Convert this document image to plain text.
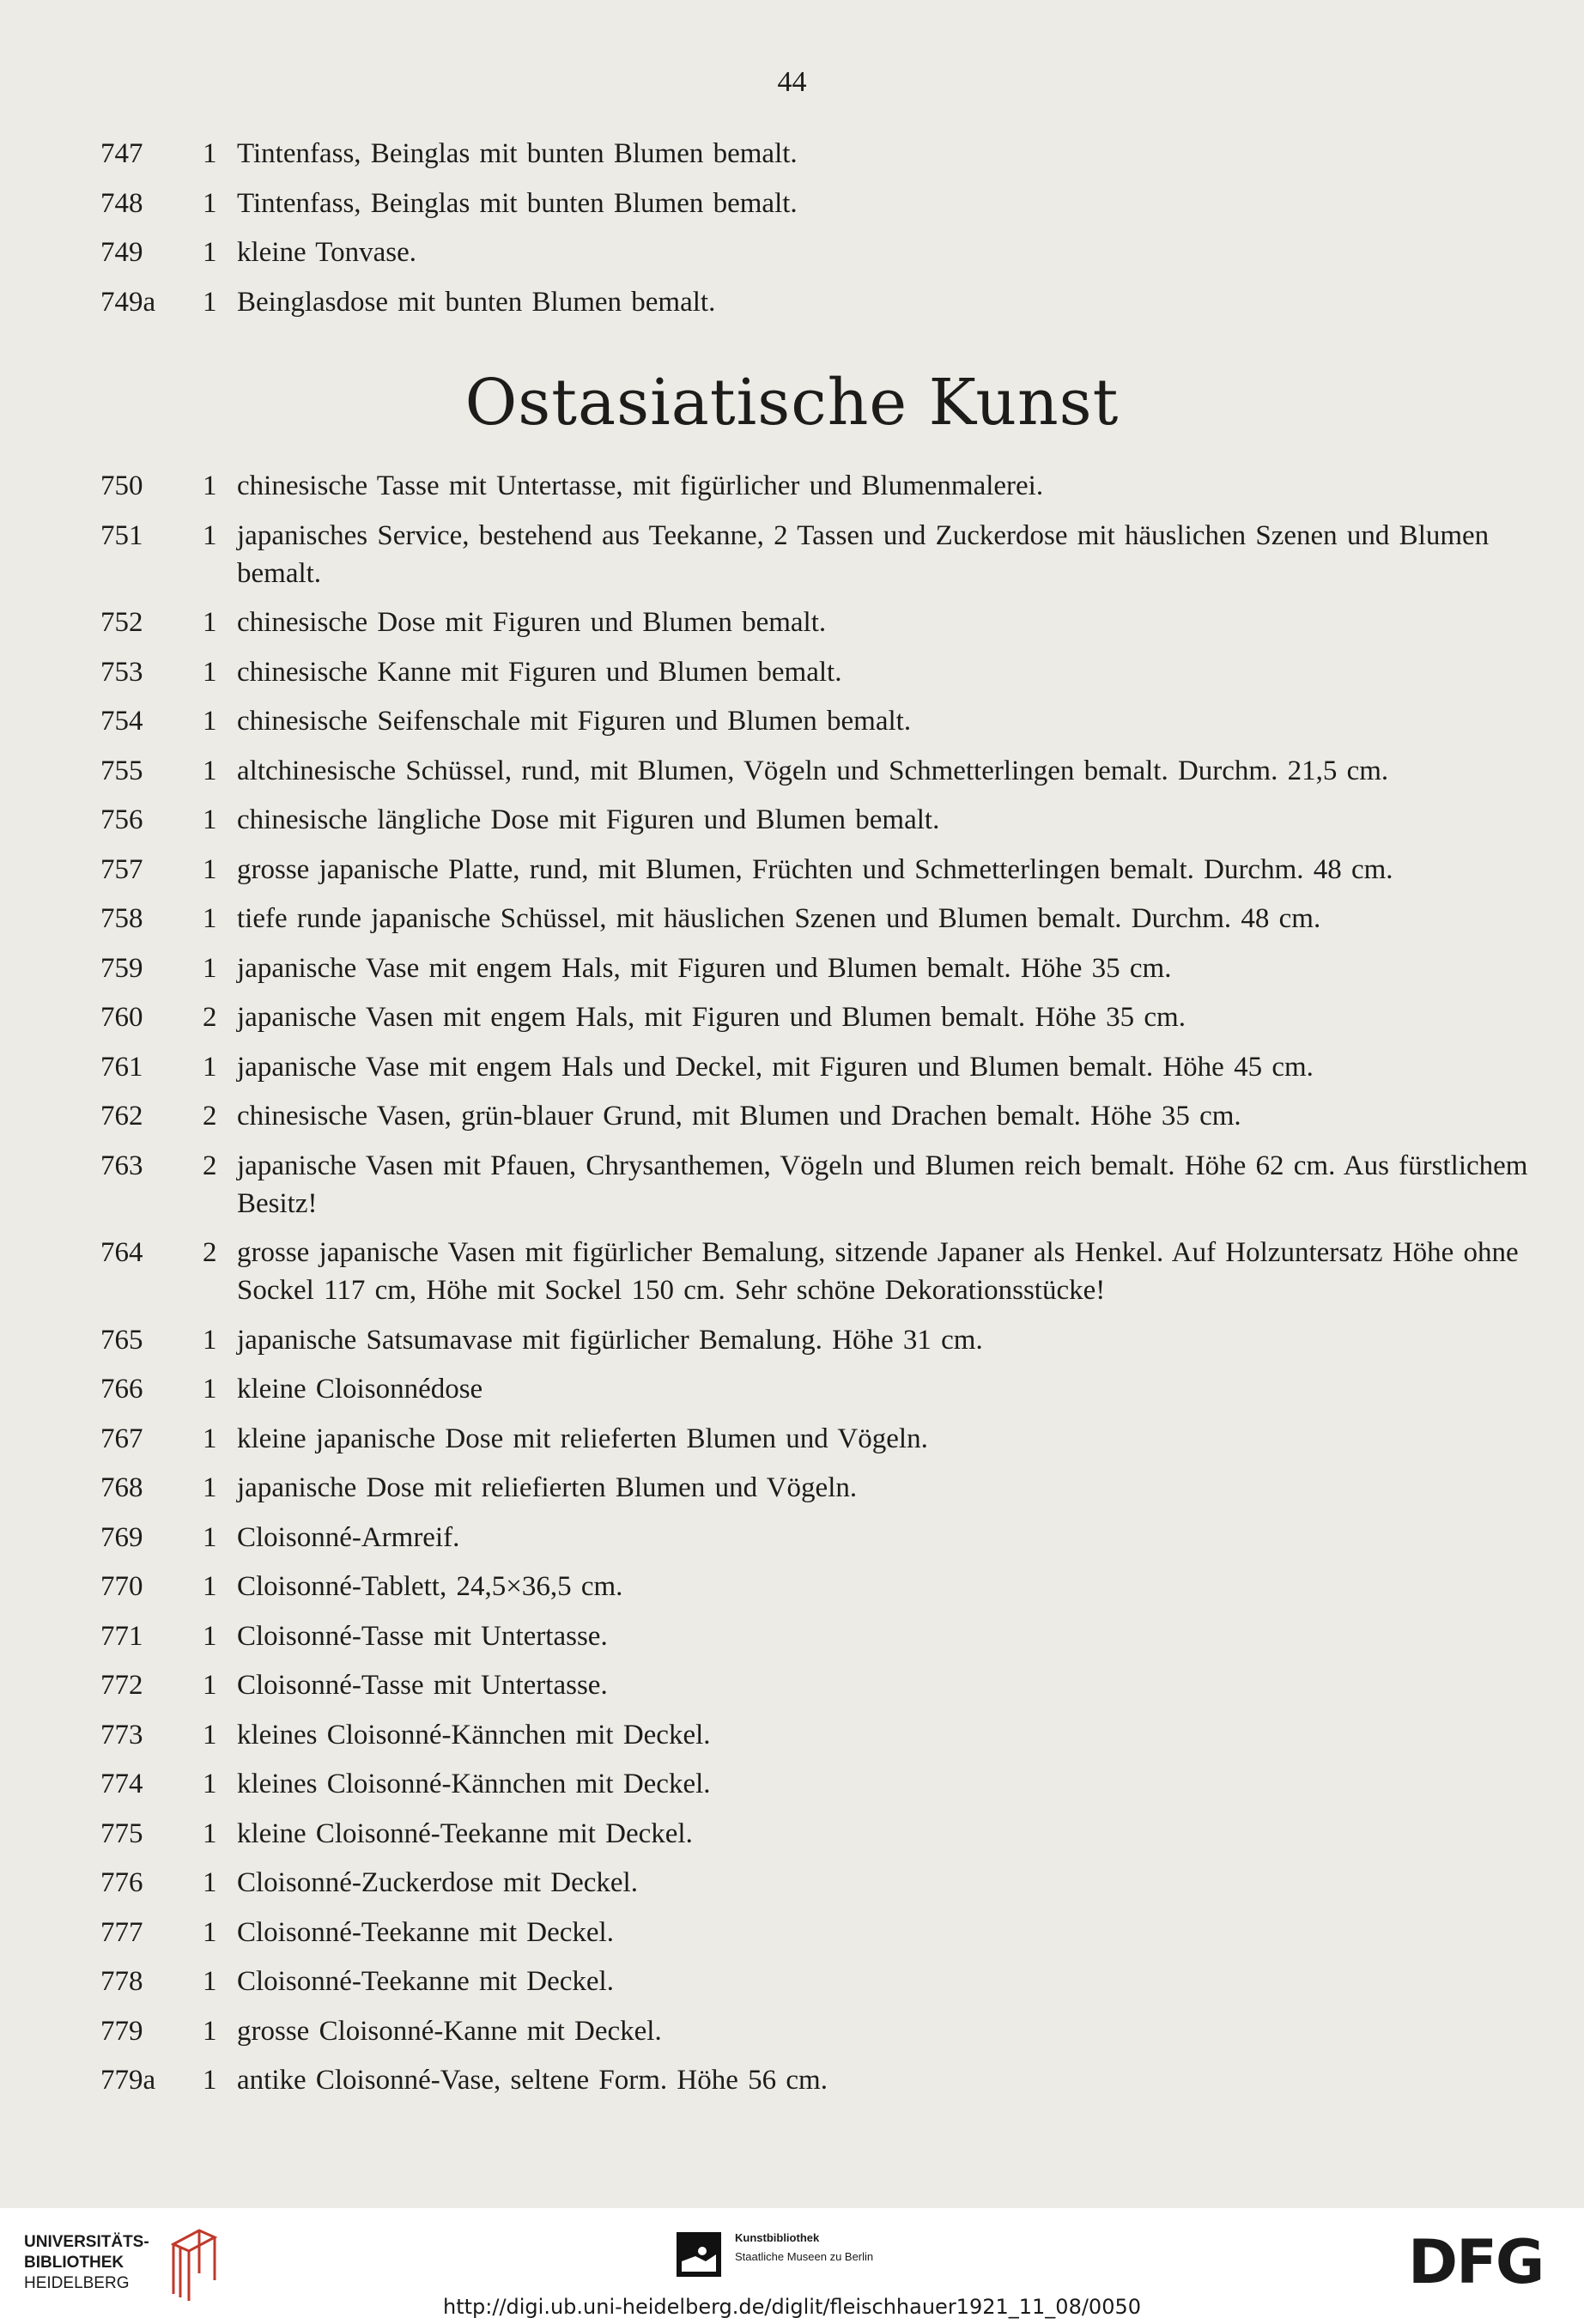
44
747	1 Tintenfass, Beinglas mit bunten Blumen bemalt.
748	1 Tintenfass, Beinglas mit bunten Blumen bemalt.
749	1 kleine Tonvase.
749a	1 Beinglasdose mit bunten Blumen bemalt.
Ostasiatische Kunst
750	1 chinesische Tasse mit Untertasse, mit figürlicher und Blumenmalerei.
751	1 japanisches Service, bestehend aus Teekanne, 2 Tassen und Zuckerdose mit häuslichen Szenen und Blumen bemalt.
752	1 chinesische Dose mit Figuren und Blumen bemalt.
753	1 chinesische Kanne mit Figuren und Blumen bemalt.
754	1 chinesische Seifenschale mit Figuren und Blumen bemalt.
755	1 altchinesische Schüssel, rund, mit Blumen, Vögeln und Schmetterlingen bemalt. Durchm. 21,5 cm.
756	1 chinesische längliche Dose mit Figuren und Blumen bemalt.
757	1 grosse japanische Platte, rund, mit Blumen, Früchten und Schmetterlingen bemalt. Durchm. 48 cm.
758	1 tiefe runde japanische Schüssel, mit häuslichen Szenen und Blumen bemalt. Durchm. 48 cm.
759	1 japanische Vase mit engem Hals, mit Figuren und Blumen bemalt. Höhe 35 cm.
760	2 japanische Vasen mit engem Hals, mit Figuren und Blumen bemalt. Höhe 35 cm.
761	1 japanische Vase mit engem Hals und Deckel, mit Figuren und Blumen bemalt. Höhe 45 cm.
762	2 chinesische Vasen, grün-blauer Grund, mit Blumen und Drachen bemalt. Höhe 35 cm.
763	2 japanische Vasen mit Pfauen, Chrysanthemen, Vögeln und Blumen reich bemalt. Höhe 62 cm. Aus fürstlichem Besitz!
764	2 grosse japanische Vasen mit figürlicher Bemalung, sitzende Japaner als Henkel. Auf Holzuntersatz Höhe ohne Sockel 117 cm, Höhe mit Sockel 150 cm. Sehr schöne Dekorationsstücke!
765	1 japanische Satsumavase mit figürlicher Bemalung. Höhe 31 cm.
766	1 kleine Cloisonnédose
767	1 kleine japanische Dose mit relieferten Blumen und Vögeln.
768	1 japanische Dose mit reliefierten Blumen und Vögeln.
769	1 Cloisonné-Armreif.
770	1 Cloisonné-Tablett, 24,5×36,5 cm.
771	1 Cloisonné-Tasse mit Untertasse.
772	1 Cloisonné-Tasse mit Untertasse.
773	1 kleines Cloisonné-Kännchen mit Deckel.
774	1 kleines Cloisonné-Kännchen mit Deckel.
775	1 kleine Cloisonné-Teekanne mit Deckel.
776	1 Cloisonné-Zuckerdose mit Deckel.
777	1 Cloisonné-Teekanne mit Deckel.
778	1 Cloisonné-Teekanne mit Deckel.
779	1 grosse Cloisonné-Kanne mit Deckel.
779a	1 antike Cloisonné-Vase, seltene Form. Höhe 56 cm.
UNIVERSITÄTS-
BIBLIOTHEK
HEIDELBERG
Kunstbibliothek
Staatliche Museen zu Berlin	DFG
http://digi.ub.uni-heidelberg.de/diglit/fleischhauer1921_11_08/0050
